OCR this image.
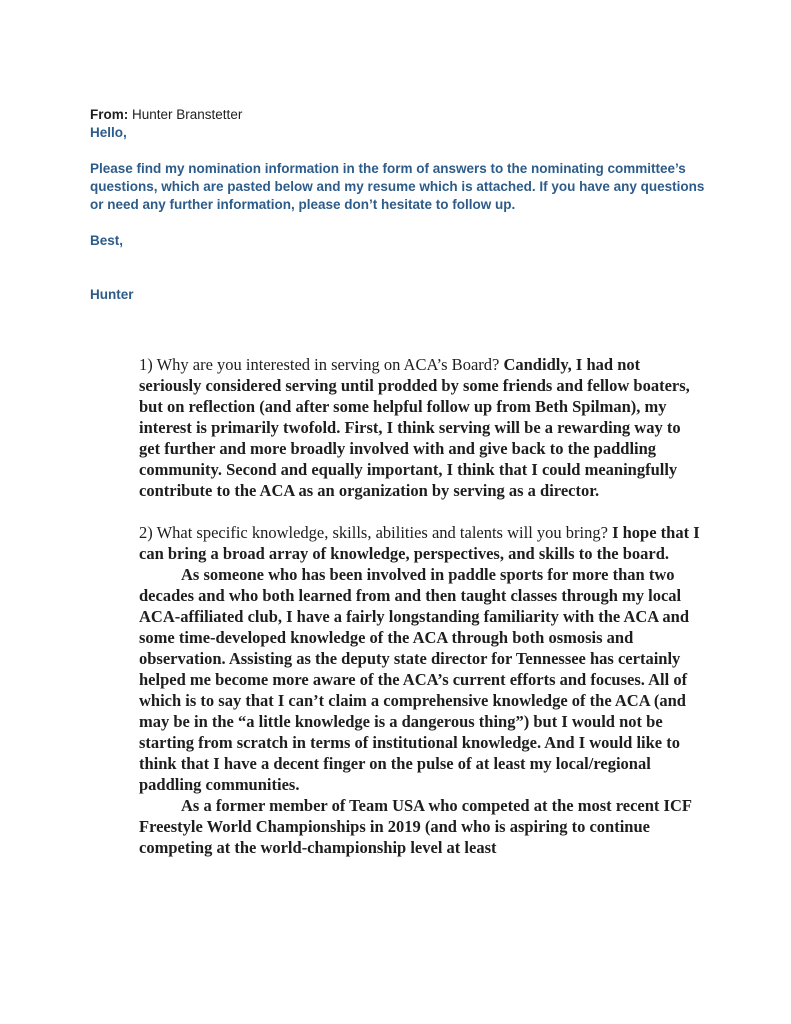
From: Hunter Branstetter

Hello,

Please find my nomination information in the form of answers to the nominating committee’s questions, which are pasted below and my resume which is attached. If you have any questions or need any further information, please don’t hesitate to follow up.

Best,

Hunter

1) Why are you interested in serving on ACA’s Board? Candidly, I had not seriously considered serving until prodded by some friends and fellow boaters, but on reflection (and after some helpful follow up from Beth Spilman), my interest is primarily twofold. First, I think serving will be a rewarding way to get further and more broadly involved with and give back to the paddling community. Second and equally important, I think that I could meaningfully contribute to the ACA as an organization by serving as a director.

2) What specific knowledge, skills, abilities and talents will you bring? I hope that I can bring a broad array of knowledge, perspectives, and skills to the board.

As someone who has been involved in paddle sports for more than two decades and who both learned from and then taught classes through my local ACA-affiliated club, I have a fairly longstanding familiarity with the ACA and some time-developed knowledge of the ACA through both osmosis and observation. Assisting as the deputy state director for Tennessee has certainly helped me become more aware of the ACA’s current efforts and focuses. All of which is to say that I can’t claim a comprehensive knowledge of the ACA (and may be in the “a little knowledge is a dangerous thing”) but I would not be starting from scratch in terms of institutional knowledge. And I would like to think that I have a decent finger on the pulse of at least my local/regional paddling communities.

As a former member of Team USA who competed at the most recent ICF Freestyle World Championships in 2019 (and who is aspiring to continue competing at the world-championship level at least
